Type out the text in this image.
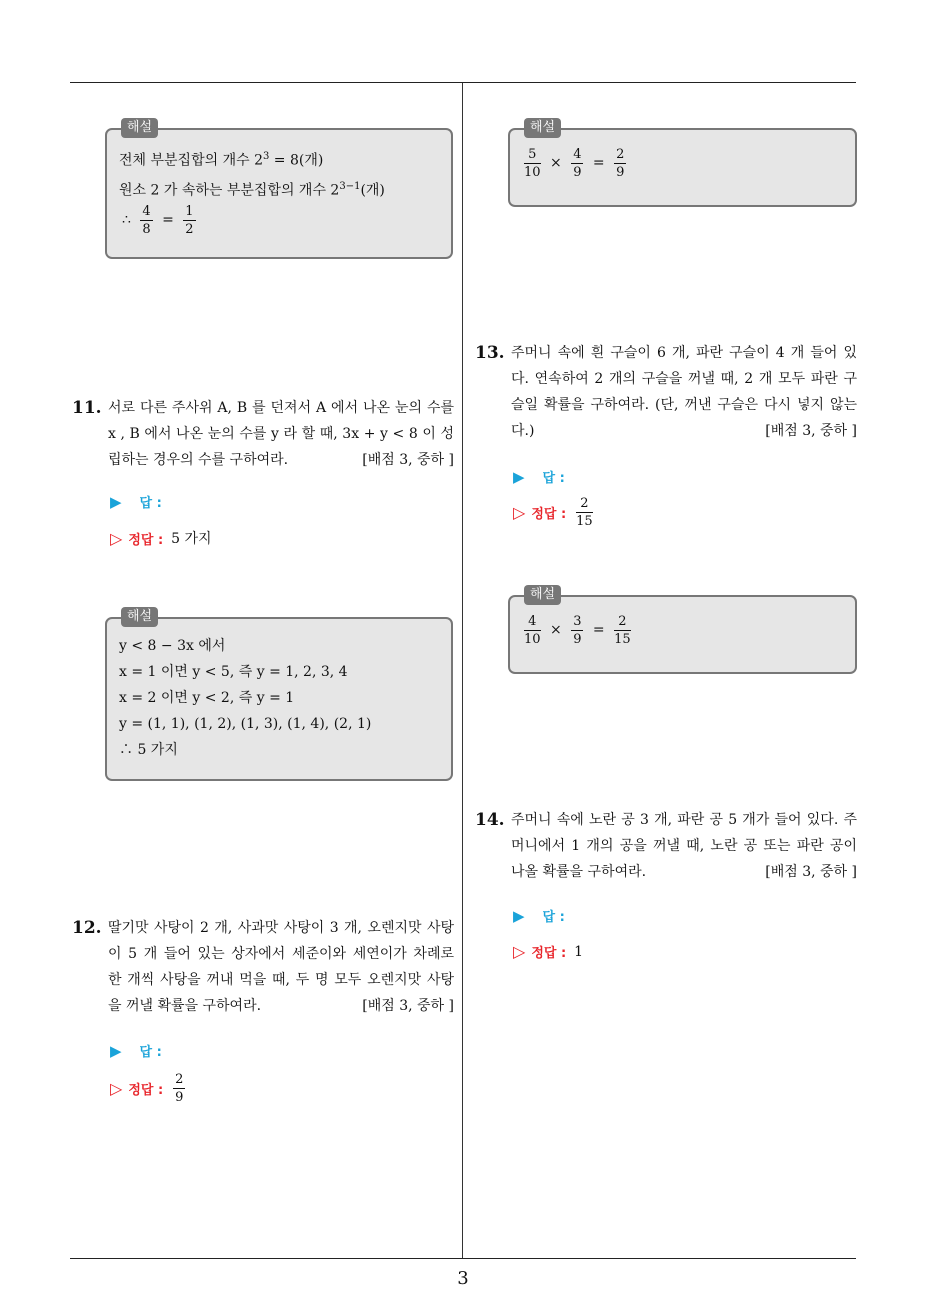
3
해설
전체 부분집합의 개수 $2^3 = 8$(개)
원소 2 가 속하는 부분집합의 개수 $2^{3-1}$(개)
∴ $\frac{4}{8} = \frac{1}{2}$
11. 서로 다른 주사위 A, B 를 던져서 A 에서 나온 눈의 수를 x , B 에서 나온 눈의 수를 y 라 할 때, 3x + y < 8 이 성립하는 경우의 수를 구하여라.	[배점 3, 중하 ]
▶ 답 :
▷ 정답 : 5 가지
해설
y < 8 − 3x 에서
x = 1 이면 y < 5, 즉 y = 1, 2, 3, 4
x = 2 이면 y < 2, 즉 y = 1
y = (1, 1), (1, 2), (1, 3), (1, 4), (2, 1)
∴ 5 가지
12. 딸기맛 사탕이 2 개, 사과맛 사탕이 3 개, 오렌지맛 사탕이 5 개 들어 있는 상자에서 세준이와 세연이가 차례로 한 개씩 사탕을 꺼내 먹을 때, 두 명 모두 오렌지맛 사탕을 꺼낼 확률을 구하여라.	[배점 3, 중하 ]
▶ 답 :
▷ 정답 : $\frac{2}{9}$
해설
$\frac{5}{10} \times \frac{4}{9} = \frac{2}{9}$
13. 주머니 속에 흰 구슬이 6 개, 파란 구슬이 4 개 들어 있다. 연속하여 2 개의 구슬을 꺼낼 때, 2 개 모두 파란 구슬일 확률을 구하여라. (단, 꺼낸 구슬은 다시 넣지 않는다.)	[배점 3, 중하 ]
▶ 답 :
▷ 정답 : $\frac{2}{15}$
해설
$\frac{4}{10} \times \frac{3}{9} = \frac{2}{15}$
14. 주머니 속에 노란 공 3 개, 파란 공 5 개가 들어 있다. 주머니에서 1 개의 공을 꺼낼 때, 노란 공 또는 파란 공이 나올 확률을 구하여라.	[배점 3, 중하 ]
▶ 답 :
▷ 정답 : 1
